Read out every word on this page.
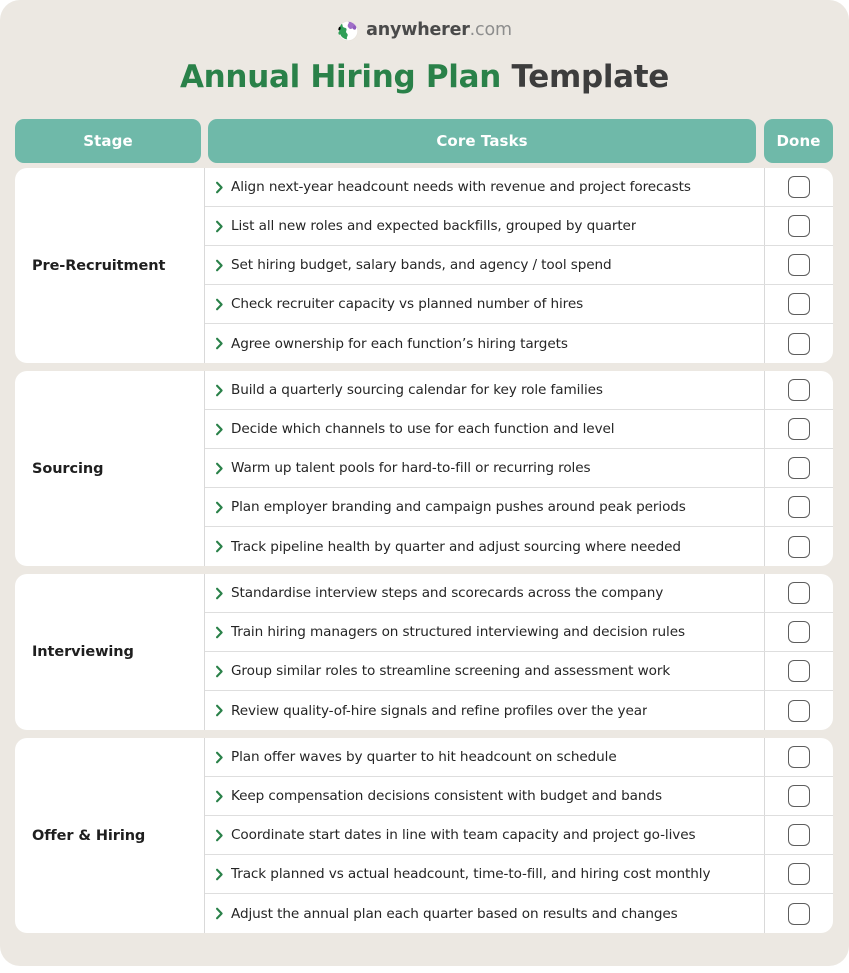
anywherer.com
Annual Hiring Plan Template
Stage	Core Tasks	Done
Pre-Recruitment
Align next-year headcount needs with revenue and project forecasts
List all new roles and expected backfills, grouped by quarter
Set hiring budget, salary bands, and agency / tool spend
Check recruiter capacity vs planned number of hires
Agree ownership for each function’s hiring targets
Sourcing
Build a quarterly sourcing calendar for key role families
Decide which channels to use for each function and level
Warm up talent pools for hard-to-fill or recurring roles
Plan employer branding and campaign pushes around peak periods
Track pipeline health by quarter and adjust sourcing where needed
Interviewing
Standardise interview steps and scorecards across the company
Train hiring managers on structured interviewing and decision rules
Group similar roles to streamline screening and assessment work
Review quality-of-hire signals and refine profiles over the year
Offer & Hiring
Plan offer waves by quarter to hit headcount on schedule
Keep compensation decisions consistent with budget and bands
Coordinate start dates in line with team capacity and project go-lives
Track planned vs actual headcount, time-to-fill, and hiring cost monthly
Adjust the annual plan each quarter based on results and changes
